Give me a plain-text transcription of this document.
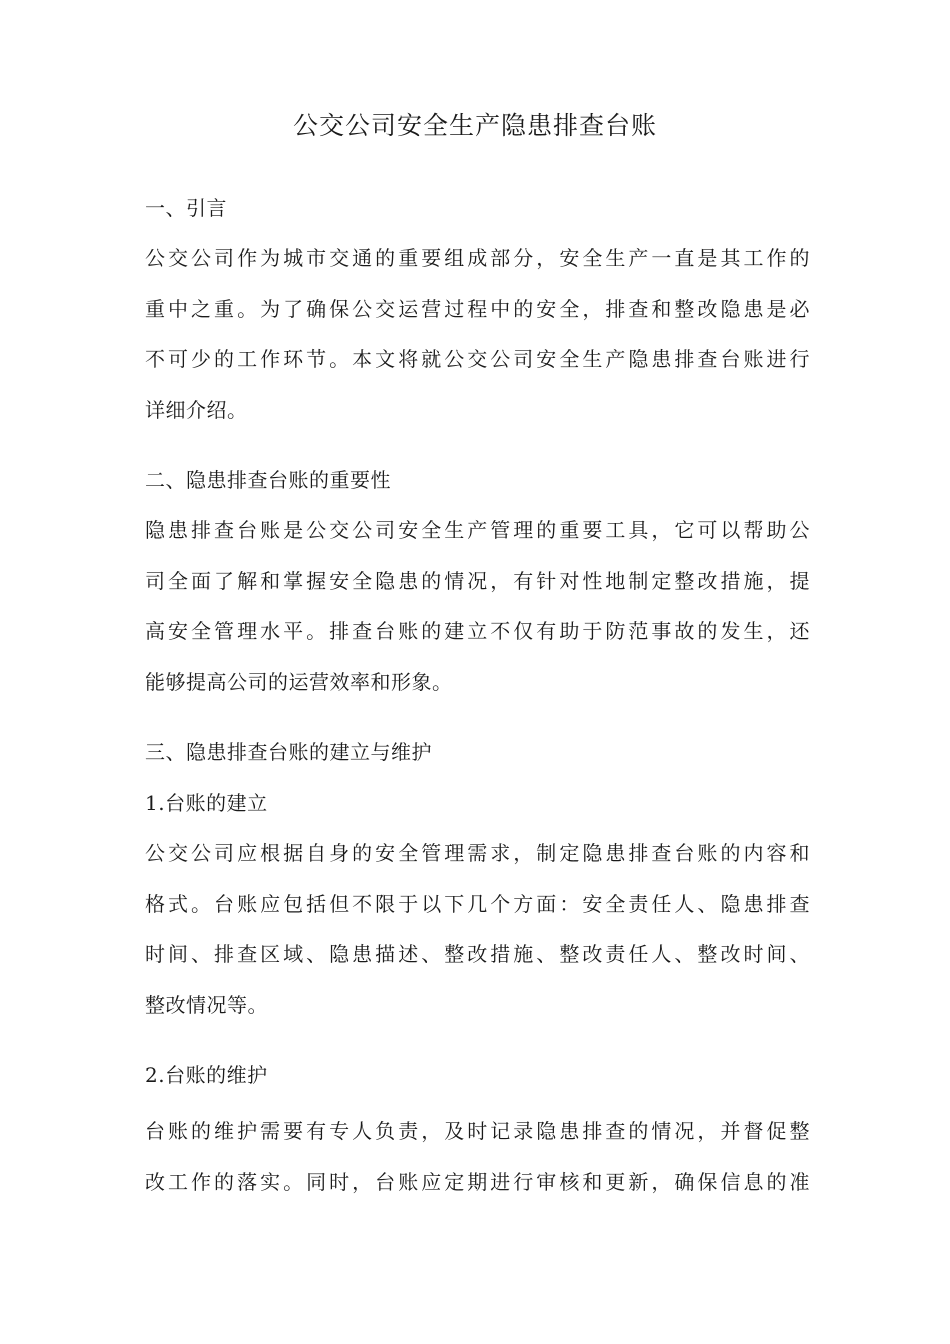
公交公司安全生产隐患排查台账
一、引言
公交公司作为城市交通的重要组成部分，安全生产一直是其工作的
重中之重。为了确保公交运营过程中的安全，排查和整改隐患是必
不可少的工作环节。本文将就公交公司安全生产隐患排查台账进行
详细介绍。
二、隐患排查台账的重要性
隐患排查台账是公交公司安全生产管理的重要工具，它可以帮助公
司全面了解和掌握安全隐患的情况，有针对性地制定整改措施，提
高安全管理水平。排查台账的建立不仅有助于防范事故的发生，还
能够提高公司的运营效率和形象。
三、隐患排查台账的建立与维护
1.台账的建立
公交公司应根据自身的安全管理需求，制定隐患排查台账的内容和
格式。台账应包括但不限于以下几个方面：安全责任人、隐患排查
时间、排查区域、隐患描述、整改措施、整改责任人、整改时间、
整改情况等。
2.台账的维护
台账的维护需要有专人负责，及时记录隐患排查的情况，并督促整
改工作的落实。同时，台账应定期进行审核和更新，确保信息的准
